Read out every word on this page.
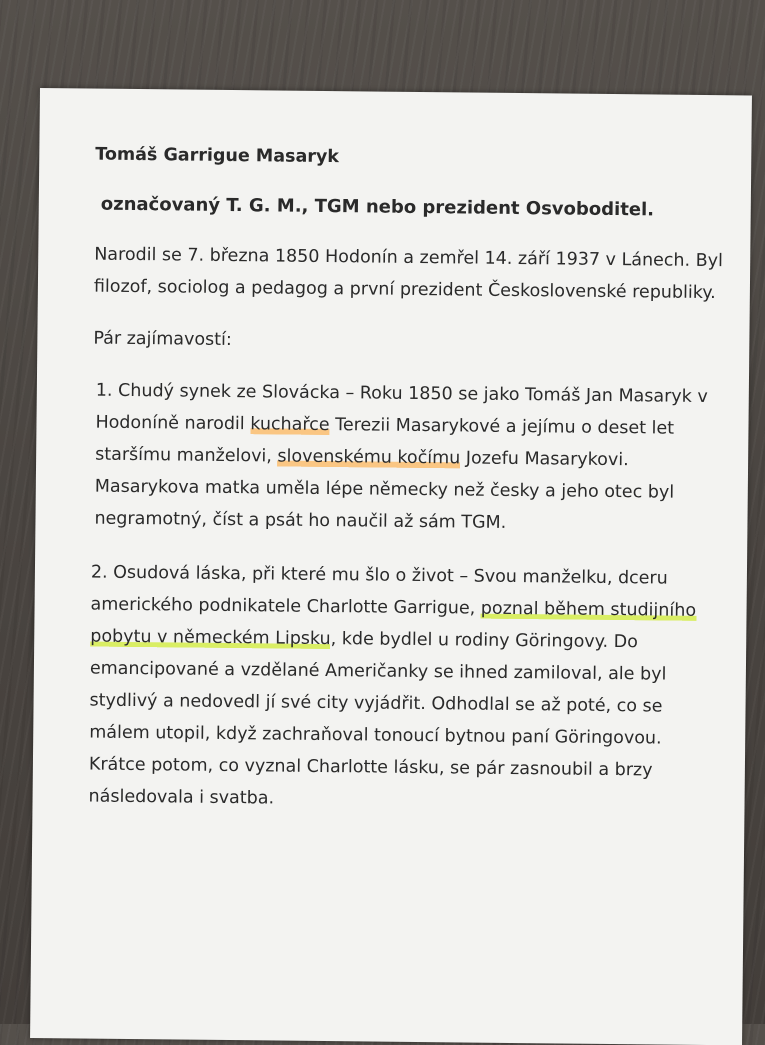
Tomáš Garrigue Masaryk

označovaný T. G. M., TGM nebo prezident Osvoboditel.

Narodil se 7. března 1850 Hodonín a zemřel 14. září 1937 v Lánech. Byl filozof, sociolog a pedagog a první prezident Československé republiky.

Pár zajímavostí:

1. Chudý synek ze Slovácka – Roku 1850 se jako Tomáš Jan Masaryk v Hodoníně narodil kuchařce Terezii Masarykové a jejímu o deset let staršímu manželovi, slovenskému kočímu Jozefu Masarykovi. Masarykova matka uměla lépe německy než česky a jeho otec byl negramotný, číst a psát ho naučil až sám TGM.

2. Osudová láska, při které mu šlo o život – Svou manželku, dceru amerického podnikatele Charlotte Garrigue, poznal během studijního pobytu v německém Lipsku, kde bydlel u rodiny Göringovy. Do emancipované a vzdělané Američanky se ihned zamiloval, ale byl stydlivý a nedovedl jí své city vyjádřit. Odhodlal se až poté, co se málem utopil, když zachraňoval tonoucí bytnou paní Göringovou. Krátce potom, co vyznal Charlotte lásku, se pár zasnoubil a brzy následovala i svatba.
